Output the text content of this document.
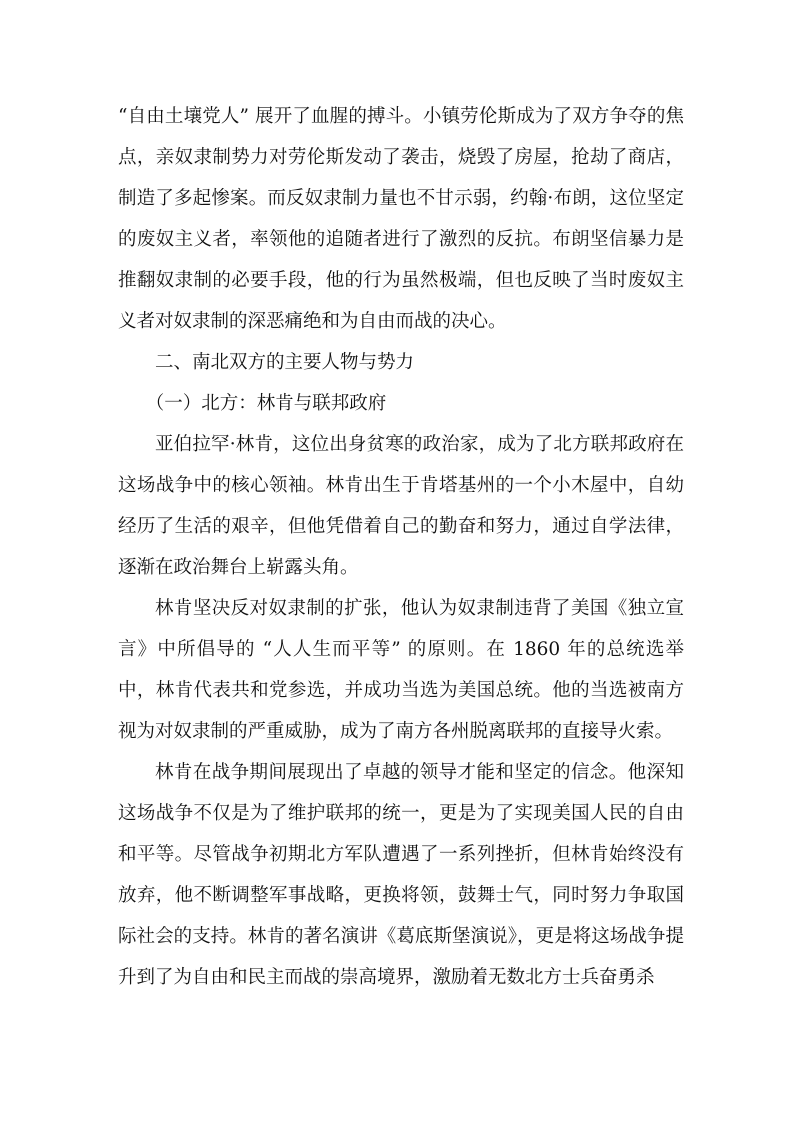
“自由土壤党人” 展开了血腥的搏斗。小镇劳伦斯成为了双方争夺的焦点，亲奴隶制势力对劳伦斯发动了袭击，烧毁了房屋，抢劫了商店，制造了多起惨案。而反奴隶制力量也不甘示弱，约翰·布朗，这位坚定的废奴主义者，率领他的追随者进行了激烈的反抗。布朗坚信暴力是推翻奴隶制的必要手段，他的行为虽然极端，但也反映了当时废奴主义者对奴隶制的深恶痛绝和为自由而战的决心。

二、南北双方的主要人物与势力

（一）北方：林肯与联邦政府

亚伯拉罕·林肯，这位出身贫寒的政治家，成为了北方联邦政府在这场战争中的核心领袖。林肯出生于肯塔基州的一个小木屋中，自幼经历了生活的艰辛，但他凭借着自己的勤奋和努力，通过自学法律，逐渐在政治舞台上崭露头角。

林肯坚决反对奴隶制的扩张，他认为奴隶制违背了美国《独立宣言》中所倡导的 “人人生而平等” 的原则。在 1860 年的总统选举中，林肯代表共和党参选，并成功当选为美国总统。他的当选被南方视为对奴隶制的严重威胁，成为了南方各州脱离联邦的直接导火索。

林肯在战争期间展现出了卓越的领导才能和坚定的信念。他深知这场战争不仅是为了维护联邦的统一，更是为了实现美国人民的自由和平等。尽管战争初期北方军队遭遇了一系列挫折，但林肯始终没有放弃，他不断调整军事战略，更换将领，鼓舞士气，同时努力争取国际社会的支持。林肯的著名演讲《葛底斯堡演说》，更是将这场战争提升到了为自由和民主而战的崇高境界，激励着无数北方士兵奋勇杀
